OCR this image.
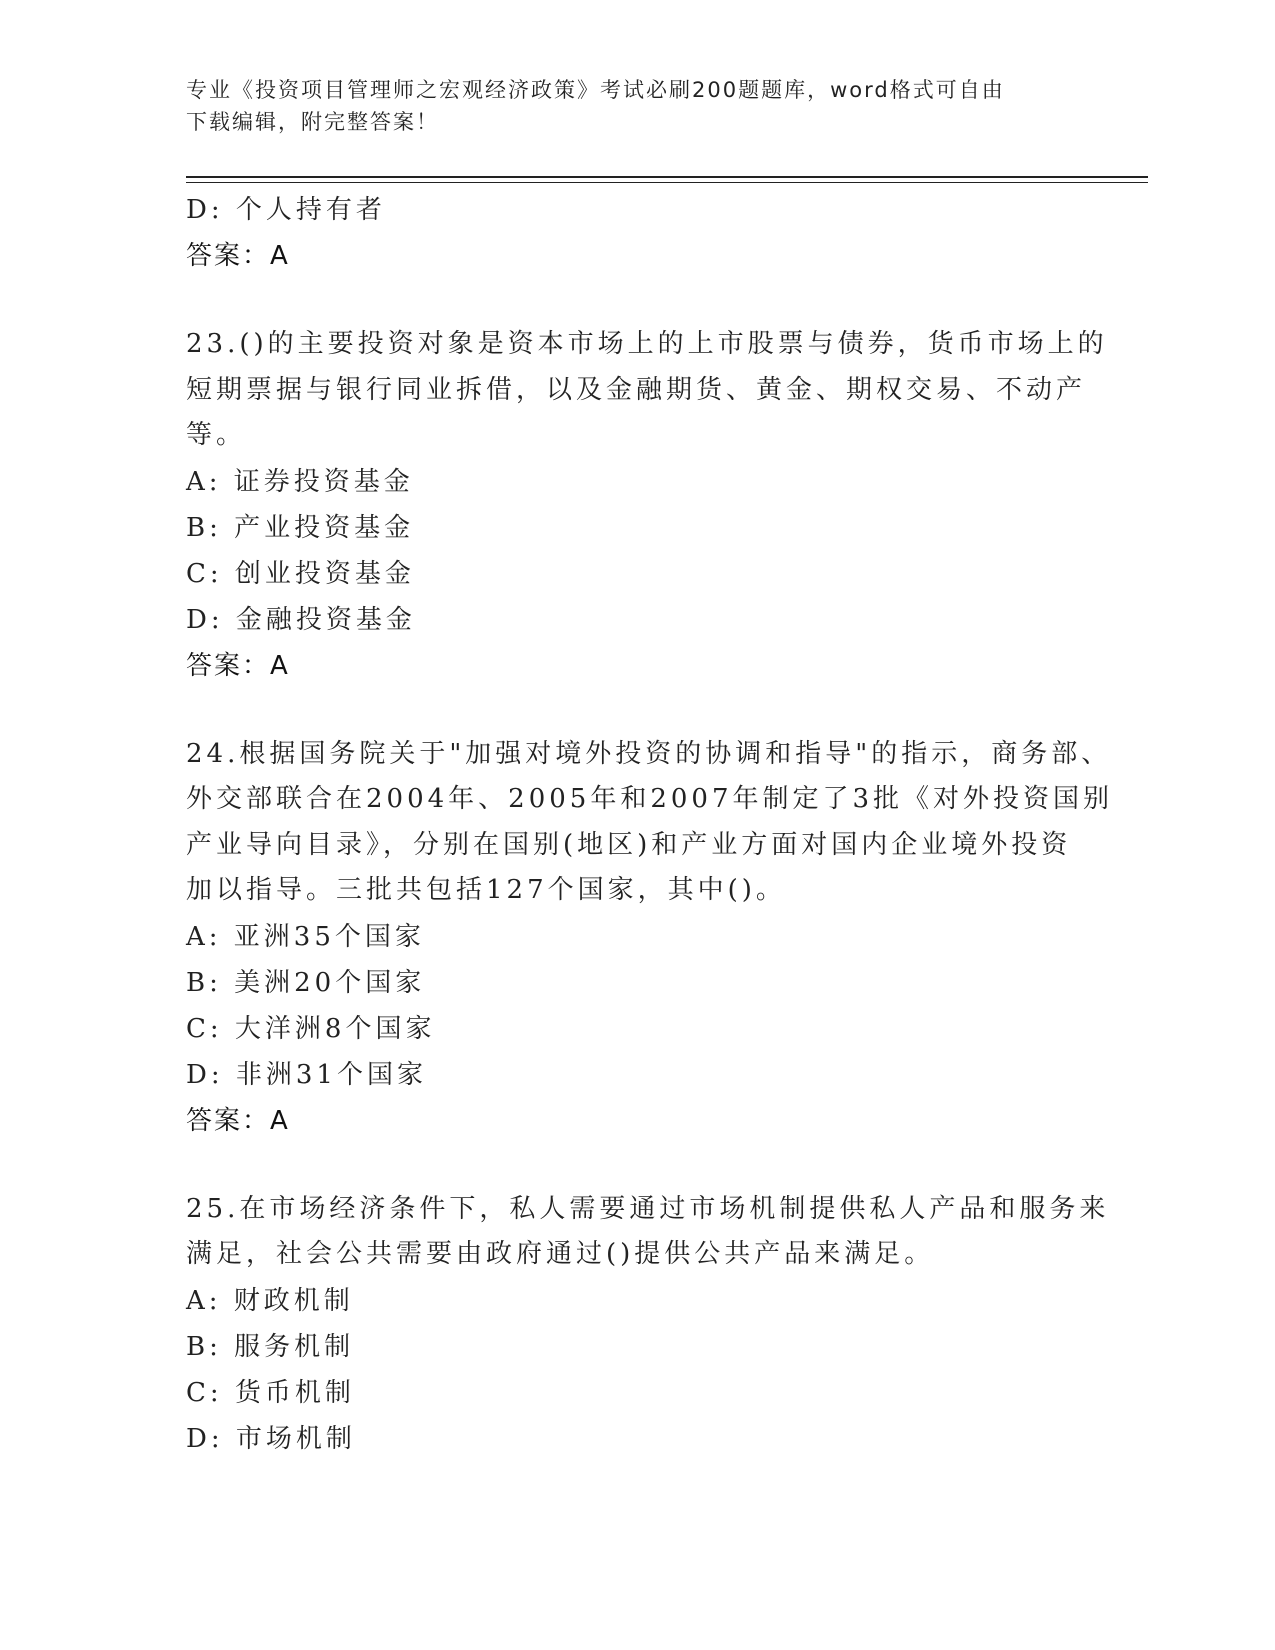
专业《投资项目管理师之宏观经济政策》考试必刷200题题库，word格式可自由
下载编辑，附完整答案！
D: 个人持有者
答案：A
23.()的主要投资对象是资本市场上的上市股票与债券，货币市场上的
短期票据与银行同业拆借，以及金融期货、黄金、期权交易、不动产
等。
A: 证券投资基金
B: 产业投资基金
C: 创业投资基金
D: 金融投资基金
答案：A
24.根据国务院关于"加强对境外投资的协调和指导"的指示，商务部、
外交部联合在2004年、2005年和2007年制定了3批《对外投资国别
产业导向目录》，分别在国别(地区)和产业方面对国内企业境外投资
加以指导。三批共包括127个国家，其中()。
A: 亚洲35个国家
B: 美洲20个国家
C: 大洋洲8个国家
D: 非洲31个国家
答案：A
25.在市场经济条件下，私人需要通过市场机制提供私人产品和服务来
满足，社会公共需要由政府通过()提供公共产品来满足。
A: 财政机制
B: 服务机制
C: 货币机制
D: 市场机制
